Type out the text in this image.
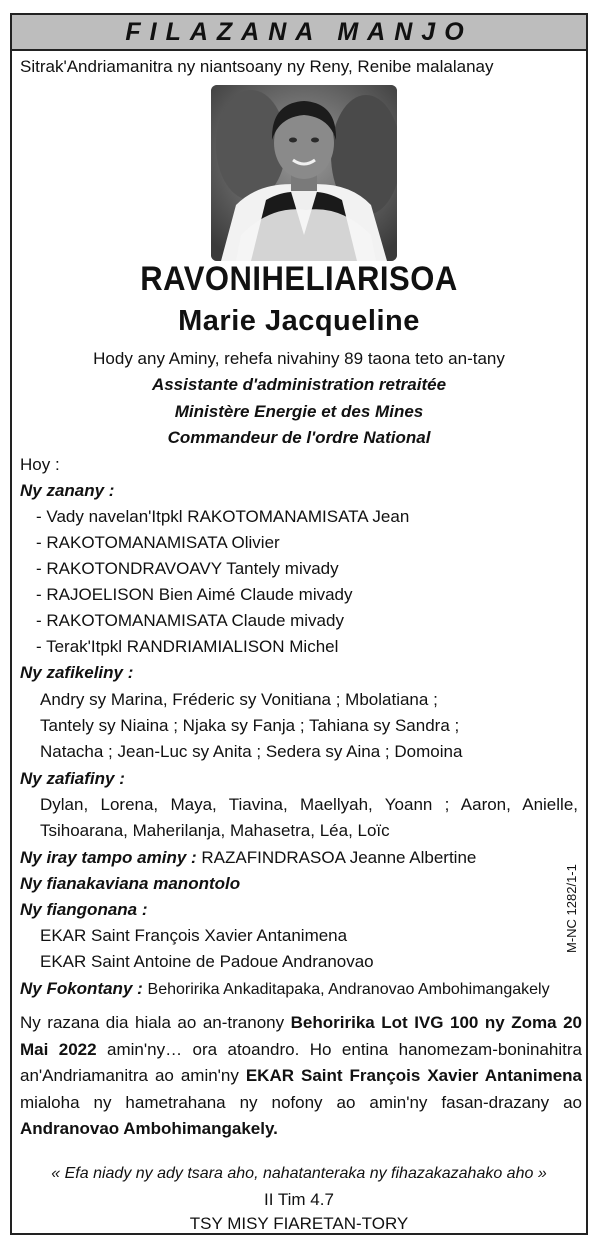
FILAZANA MANJO
Sitrak'Andriamanitra ny niantsoany ny Reny, Renibe malalanay
RAVONIHELIARISOA
Marie Jacqueline
Hody any Aminy, rehefa nivahiny 89 taona teto an-tany
Assistante d'administration retraitée
Ministère Energie et des Mines
Commandeur de l'ordre National
Hoy :
Ny zanany :
- Vady navelan'Itpkl RAKOTOMANAMISATA Jean
- RAKOTOMANAMISATA Olivier
- RAKOTONDRAVOAVY Tantely mivady
- RAJOELISON Bien Aimé Claude mivady
- RAKOTOMANAMISATA Claude mivady
- Terak'Itpkl RANDRIAMIALISON Michel
Ny zafikeliny :
Andry sy Marina, Fréderic sy Vonitiana ; Mbolatiana ;
Tantely sy Niaina ; Njaka sy Fanja ; Tahiana sy Sandra ;
Natacha ; Jean-Luc sy Anita ; Sedera sy Aina ; Domoina
Ny zafiafiny :
Dylan, Lorena, Maya, Tiavina, Maellyah, Yoann ; Aaron, Anielle,
Tsihoarana, Maherilanja, Mahasetra, Léa, Loïc
Ny iray tampo aminy : RAZAFINDRASOA Jeanne Albertine
Ny fianakaviana manontolo
Ny fiangonana :
EKAR Saint François Xavier Antanimena
EKAR Saint Antoine de Padoue Andranovao
Ny Fokontany : Behoririka Ankaditapaka, Andranovao Ambohimangakely
Ny razana dia hiala ao an-tranony Behoririka Lot IVG 100 ny Zoma 20 Mai 2022 amin'ny… ora atoandro. Ho entina hanomezam-boninahitra an'Andriamanitra ao amin'ny EKAR Saint François Xavier Antanimena mialoha ny hametrahana ny nofony ao amin'ny fasan-drazany ao Andranovao Ambohimangakely.
« Efa niady ny ady tsara aho, nahatanteraka ny fihazakazahako aho »
II Tim 4.7
TSY MISY FIARETAN-TORY
M-NC 1282/1-1
